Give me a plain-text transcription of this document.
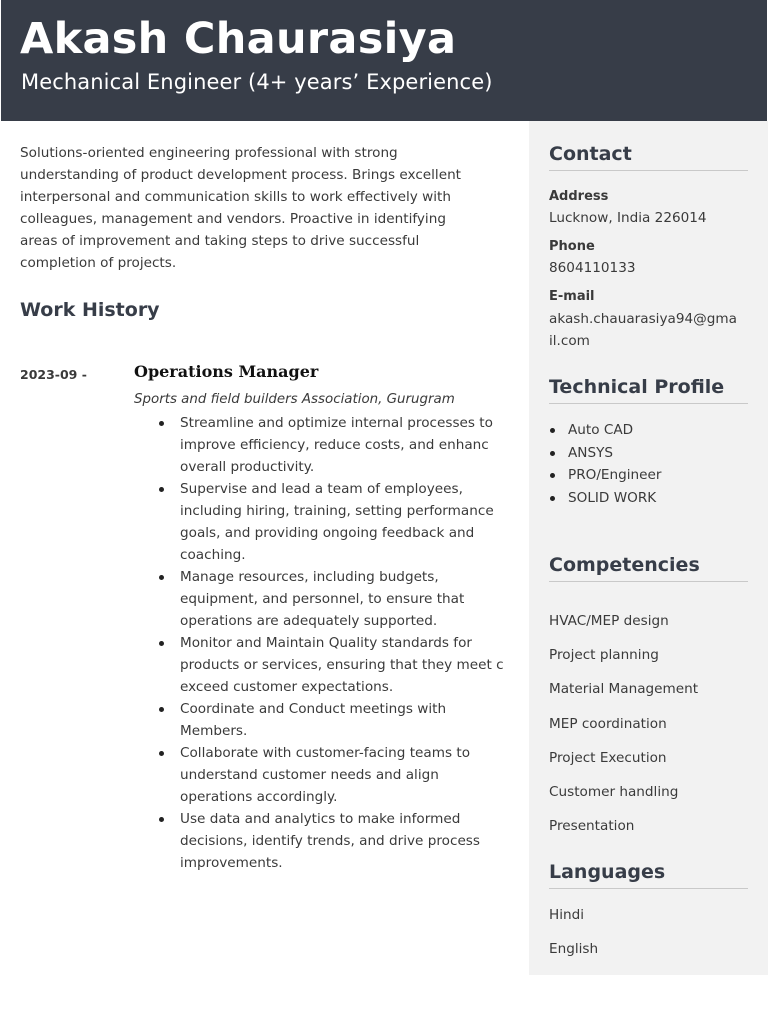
Akash Chaurasiya
Mechanical Engineer (4+ years’ Experience)
Solutions-oriented engineering professional with strong
understanding of product development process. Brings excellent
interpersonal and communication skills to work effectively with
colleagues, management and vendors. Proactive in identifying
areas of improvement and taking steps to drive successful
completion of projects.
Work History
2023-09 -	Operations Manager
Sports and field builders Association, Gurugram
Streamline and optimize internal processes to
improve efficiency, reduce costs, and enhanc
overall productivity.
Supervise and lead a team of employees,
including hiring, training, setting performance
goals, and providing ongoing feedback and
coaching.
Manage resources, including budgets,
equipment, and personnel, to ensure that
operations are adequately supported.
Monitor and Maintain Quality standards for
products or services, ensuring that they meet c
exceed customer expectations.
Coordinate and Conduct meetings with
Members.
Collaborate with customer-facing teams to
understand customer needs and align
operations accordingly.
Use data and analytics to make informed
decisions, identify trends, and drive process
improvements.
Contact
Address
Lucknow, India 226014
Phone
8604110133
E-mail
akash.chauarasiya94@gma
il.com
Technical Profile
Auto CAD
ANSYS
PRO/Engineer
SOLID WORK
Competencies
HVAC/MEP design
Project planning
Material Management
MEP coordination
Project Execution
Customer handling
Presentation
Languages
Hindi
English
